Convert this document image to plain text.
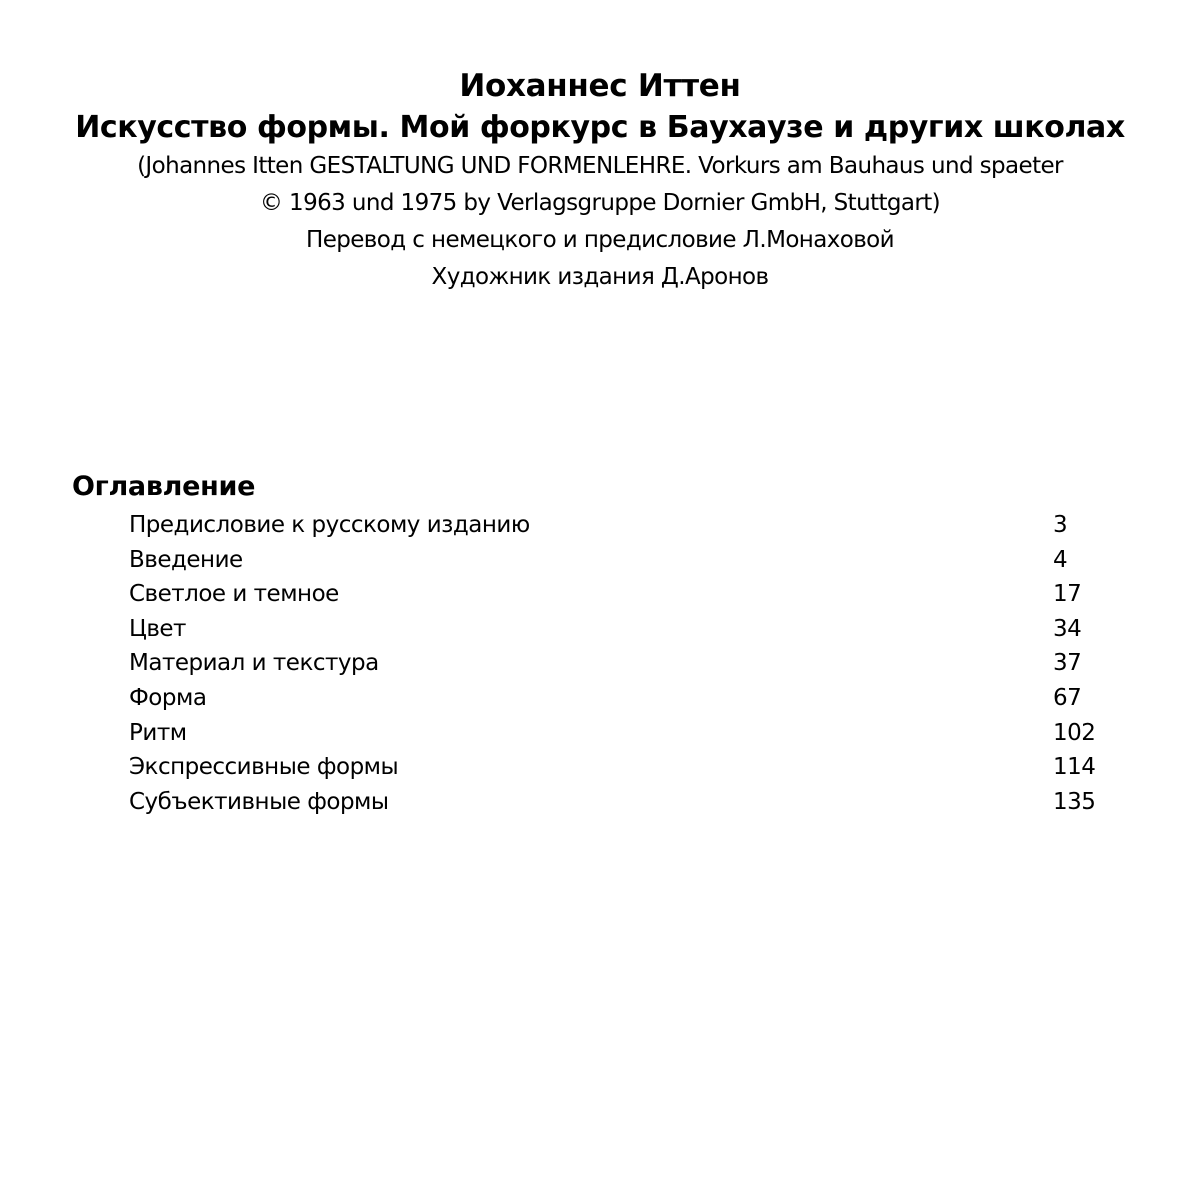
Иоханнес Иттен
Искусство формы. Мой форкурс в Баухаузе и других школах
(Johannes Itten GESTALTUNG UND FORMENLEHRE. Vorkurs am Bauhaus und spaeter
© 1963 und 1975 by Verlagsgruppe Dornier GmbH, Stuttgart)
Перевод с немецкого и предисловие Л.Монаховой
Художник издания Д.Аронов
Оглавление
Предисловие к русскому изданию	3
Введение	4
Светлое и темное	17
Цвет	34
Материал и текстура	37
Форма	67
Ритм	102
Экспрессивные формы	114
Субъективные формы	135
